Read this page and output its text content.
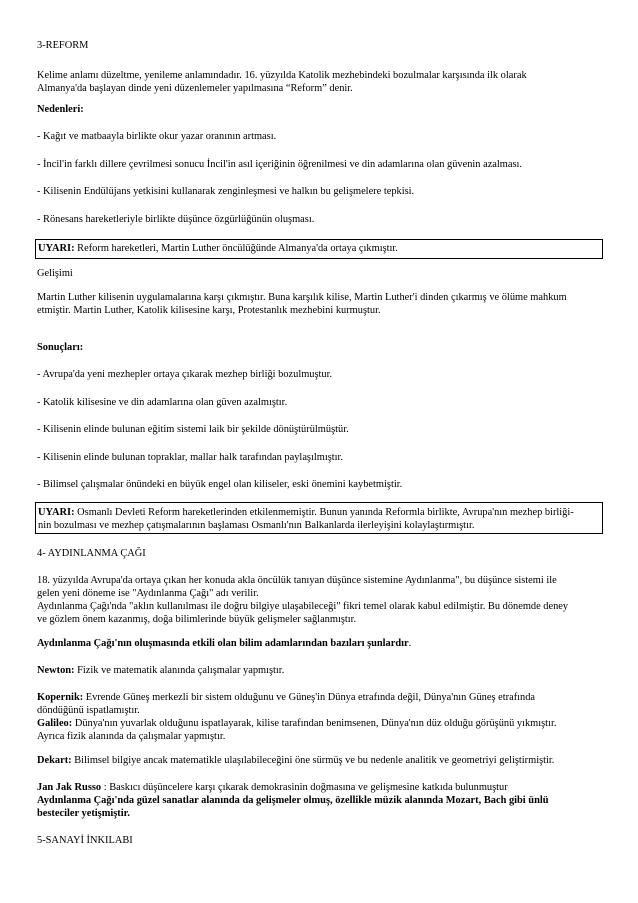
3-REFORM
Kelime anlamı düzeltme, yenileme anlamındadır. 16. yüzyılda Katolik mezhebindeki bozulmalar karşısında ilk olarak
Almanya'da başlayan dinde yeni düzenlemeler yapılmasına “Reform” denir.
Nedenleri:
- Kağıt ve matbaayla birlikte okur yazar oranının artması.
- İncil'in farklı dillere çevrilmesi sonucu İncil'in asıl içeriğinin öğrenilmesi ve din adamlarına olan güvenin azalması.
- Kilisenin Endülüjans yetkisini kullanarak zenginleşmesi ve halkın bu gelişmelere tepkisi.
- Rönesans hareketleriyle birlikte düşünce özgürlüğünün oluşması.
UYARI: Reform hareketleri, Martin Luther öncülüğünde Almanya'da ortaya çıkmıştır.
Gelişimi
Martin Luther kilisenin uygulamalarına karşı çıkmıştır. Buna karşılık kilise, Martin Luther'i dinden çıkarmış ve ölüme mahkum
etmiştir. Martin Luther, Katolik kilisesine karşı, Protestanlık mezhebini kurmuştur.
Sonuçları:
- Avrupa'da yeni mezhepler ortaya çıkarak mezhep birliği bozulmuştur.
- Katolik kilisesine ve din adamlarına olan güven azalmıştır.
- Kilisenin elinde bulunan eğitim sistemi laik bir şekilde dönüştürülmüştür.
- Kilisenin elinde bulunan topraklar, mallar halk tarafından paylaşılmıştır.
- Bilimsel çalışmalar önündeki en büyük engel olan kiliseler, eski önemini kaybetmiştir.
UYARI: Osmanlı Devleti Reform hareketlerinden etkilenmemiştir. Bunun yanında Reformla birlikte, Avrupa'nın mezhep birliği-
nin bozulması ve mezhep çatışmalarının başlaması Osmanlı'nın Balkanlarda ilerleyişini kolaylaştırmıştır.
4- AYDINLANMA ÇAĞI
18. yüzyılda Avrupa'da ortaya çıkan her konuda akla öncülük tanıyan düşünce sistemine Aydınlanma", bu düşünce sistemi ile
gelen yeni döneme ise "Aydınlanma Çağı" adı verilir.
Aydınlanma Çağı'nda "aklın kullanılması ile doğru bilgiye ulaşabileceği" fikri temel olarak kabul edilmiştir. Bu dönemde deney
ve gözlem önem kazanmış, doğa bilimlerinde büyük gelişmeler sağlanmıştır.
Aydınlanma Çağı'nın oluşmasında etkili olan bilim adamlarından bazıları şunlardır.
Newton: Fizik ve matematik alanında çalışmalar yapmıştır.
Kopernik: Evrende Güneş merkezli bir sistem olduğunu ve Güneş'in Dünya etrafında değil, Dünya'nın Güneş etrafında
döndüğünü ispatlamıştır.
Galileo: Dünya'nın yuvarlak olduğunu ispatlayarak, kilise tarafından benimsenen, Dünya'nın düz olduğu görüşünü yıkmıştır.
Ayrıca fizik alanında da çalışmalar yapmıştır.
Dekart: Bilimsel bilgiye ancak matematikle ulaşılabileceğini öne sürmüş ve bu nedenle analitik ve geometriyi geliştirmiştir.
Jan Jak Russo : Baskıcı düşüncelere karşı çıkarak demokrasinin doğmasına ve gelişmesine katkıda bulunmuştur
Aydınlanma Çağı'nda güzel sanatlar alanında da gelişmeler olmuş, özellikle müzik alanında Mozart, Bach gibi ünlü
besteciler yetişmiştir.
5-SANAYİ İNKILABI
